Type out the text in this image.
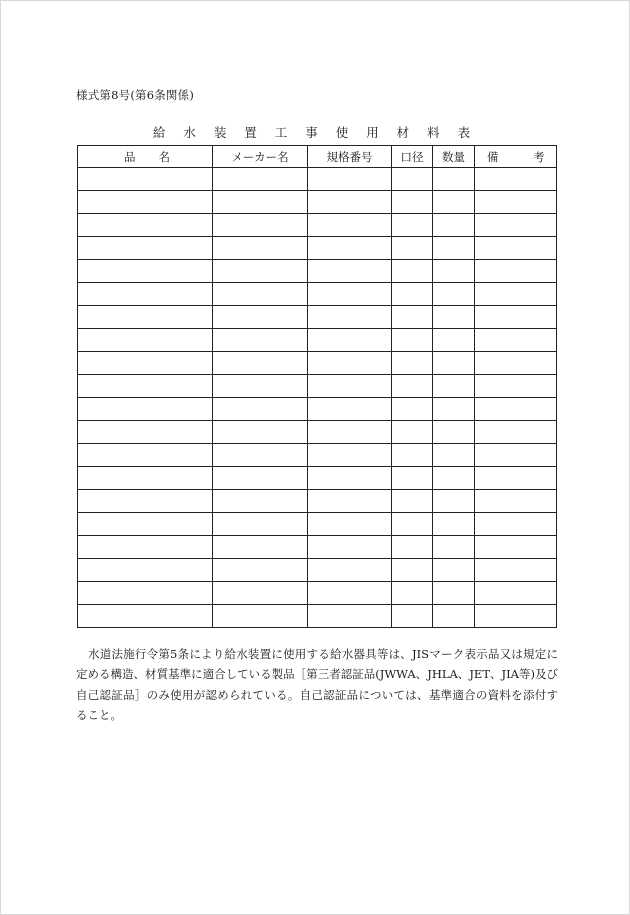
様式第8号(第6条関係)
給 水 装 置 工 事 使 用 材 料 表
品　　名	メーカー名	規格番号	口径	数量	備　　　考

水道法施行令第5条により給水装置に使用する給水器具等は、JISマーク表示品又は規定に定める構造、材質基準に適合している製品［第三者認証品(JWWA、JHLA、JET、JIA等)及び自己認証品］のみ使用が認められている。自己認証品については、基準適合の資料を添付すること。
